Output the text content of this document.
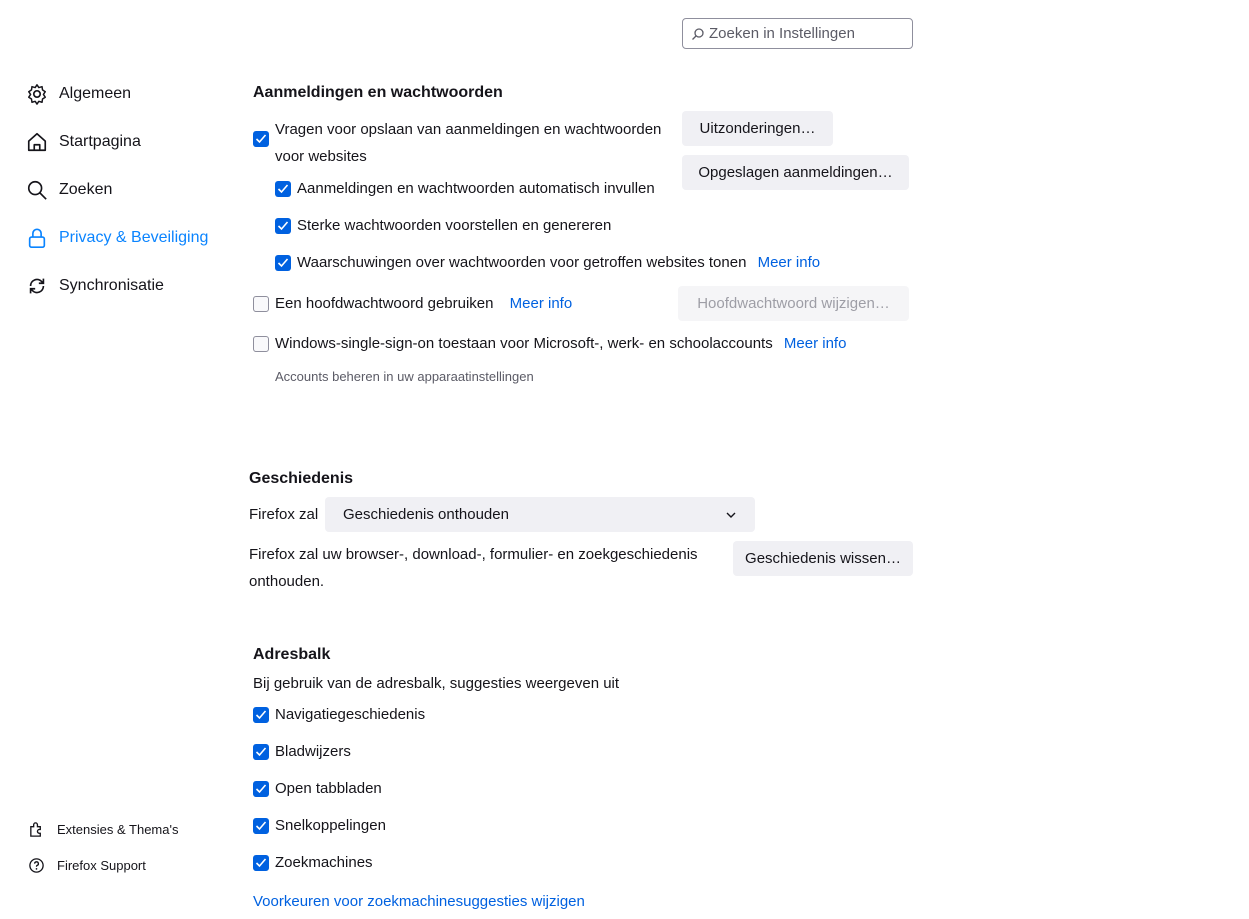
Zoeken in Instellingen
Algemeen
Startpagina
Zoeken
Privacy & Beveiliging
Synchronisatie
Extensies & Thema's
Firefox Support
Aanmeldingen en wachtwoorden
Vragen voor opslaan van aanmeldingen en wachtwoorden
voor websites
Aanmeldingen en wachtwoorden automatisch invullen
Sterke wachtwoorden voorstellen en genereren
Waarschuwingen over wachtwoorden voor getroffen websites tonen Meer info
Een hoofdwachtwoord gebruiken Meer info
Windows-single-sign-on toestaan voor Microsoft-, werk- en schoolaccounts Meer info
Accounts beheren in uw apparaatinstellingen
Uitzonderingen…
Opgeslagen aanmeldingen…
Hoofdwachtwoord wijzigen…
Geschiedenis
Firefox zal Geschiedenis onthouden
Firefox zal uw browser-, download-, formulier- en zoekgeschiedenis
onthouden.
Geschiedenis wissen…
Adresbalk
Bij gebruik van de adresbalk, suggesties weergeven uit
Navigatiegeschiedenis
Bladwijzers
Open tabbladen
Snelkoppelingen
Zoekmachines
Voorkeuren voor zoekmachinesuggesties wijzigen
